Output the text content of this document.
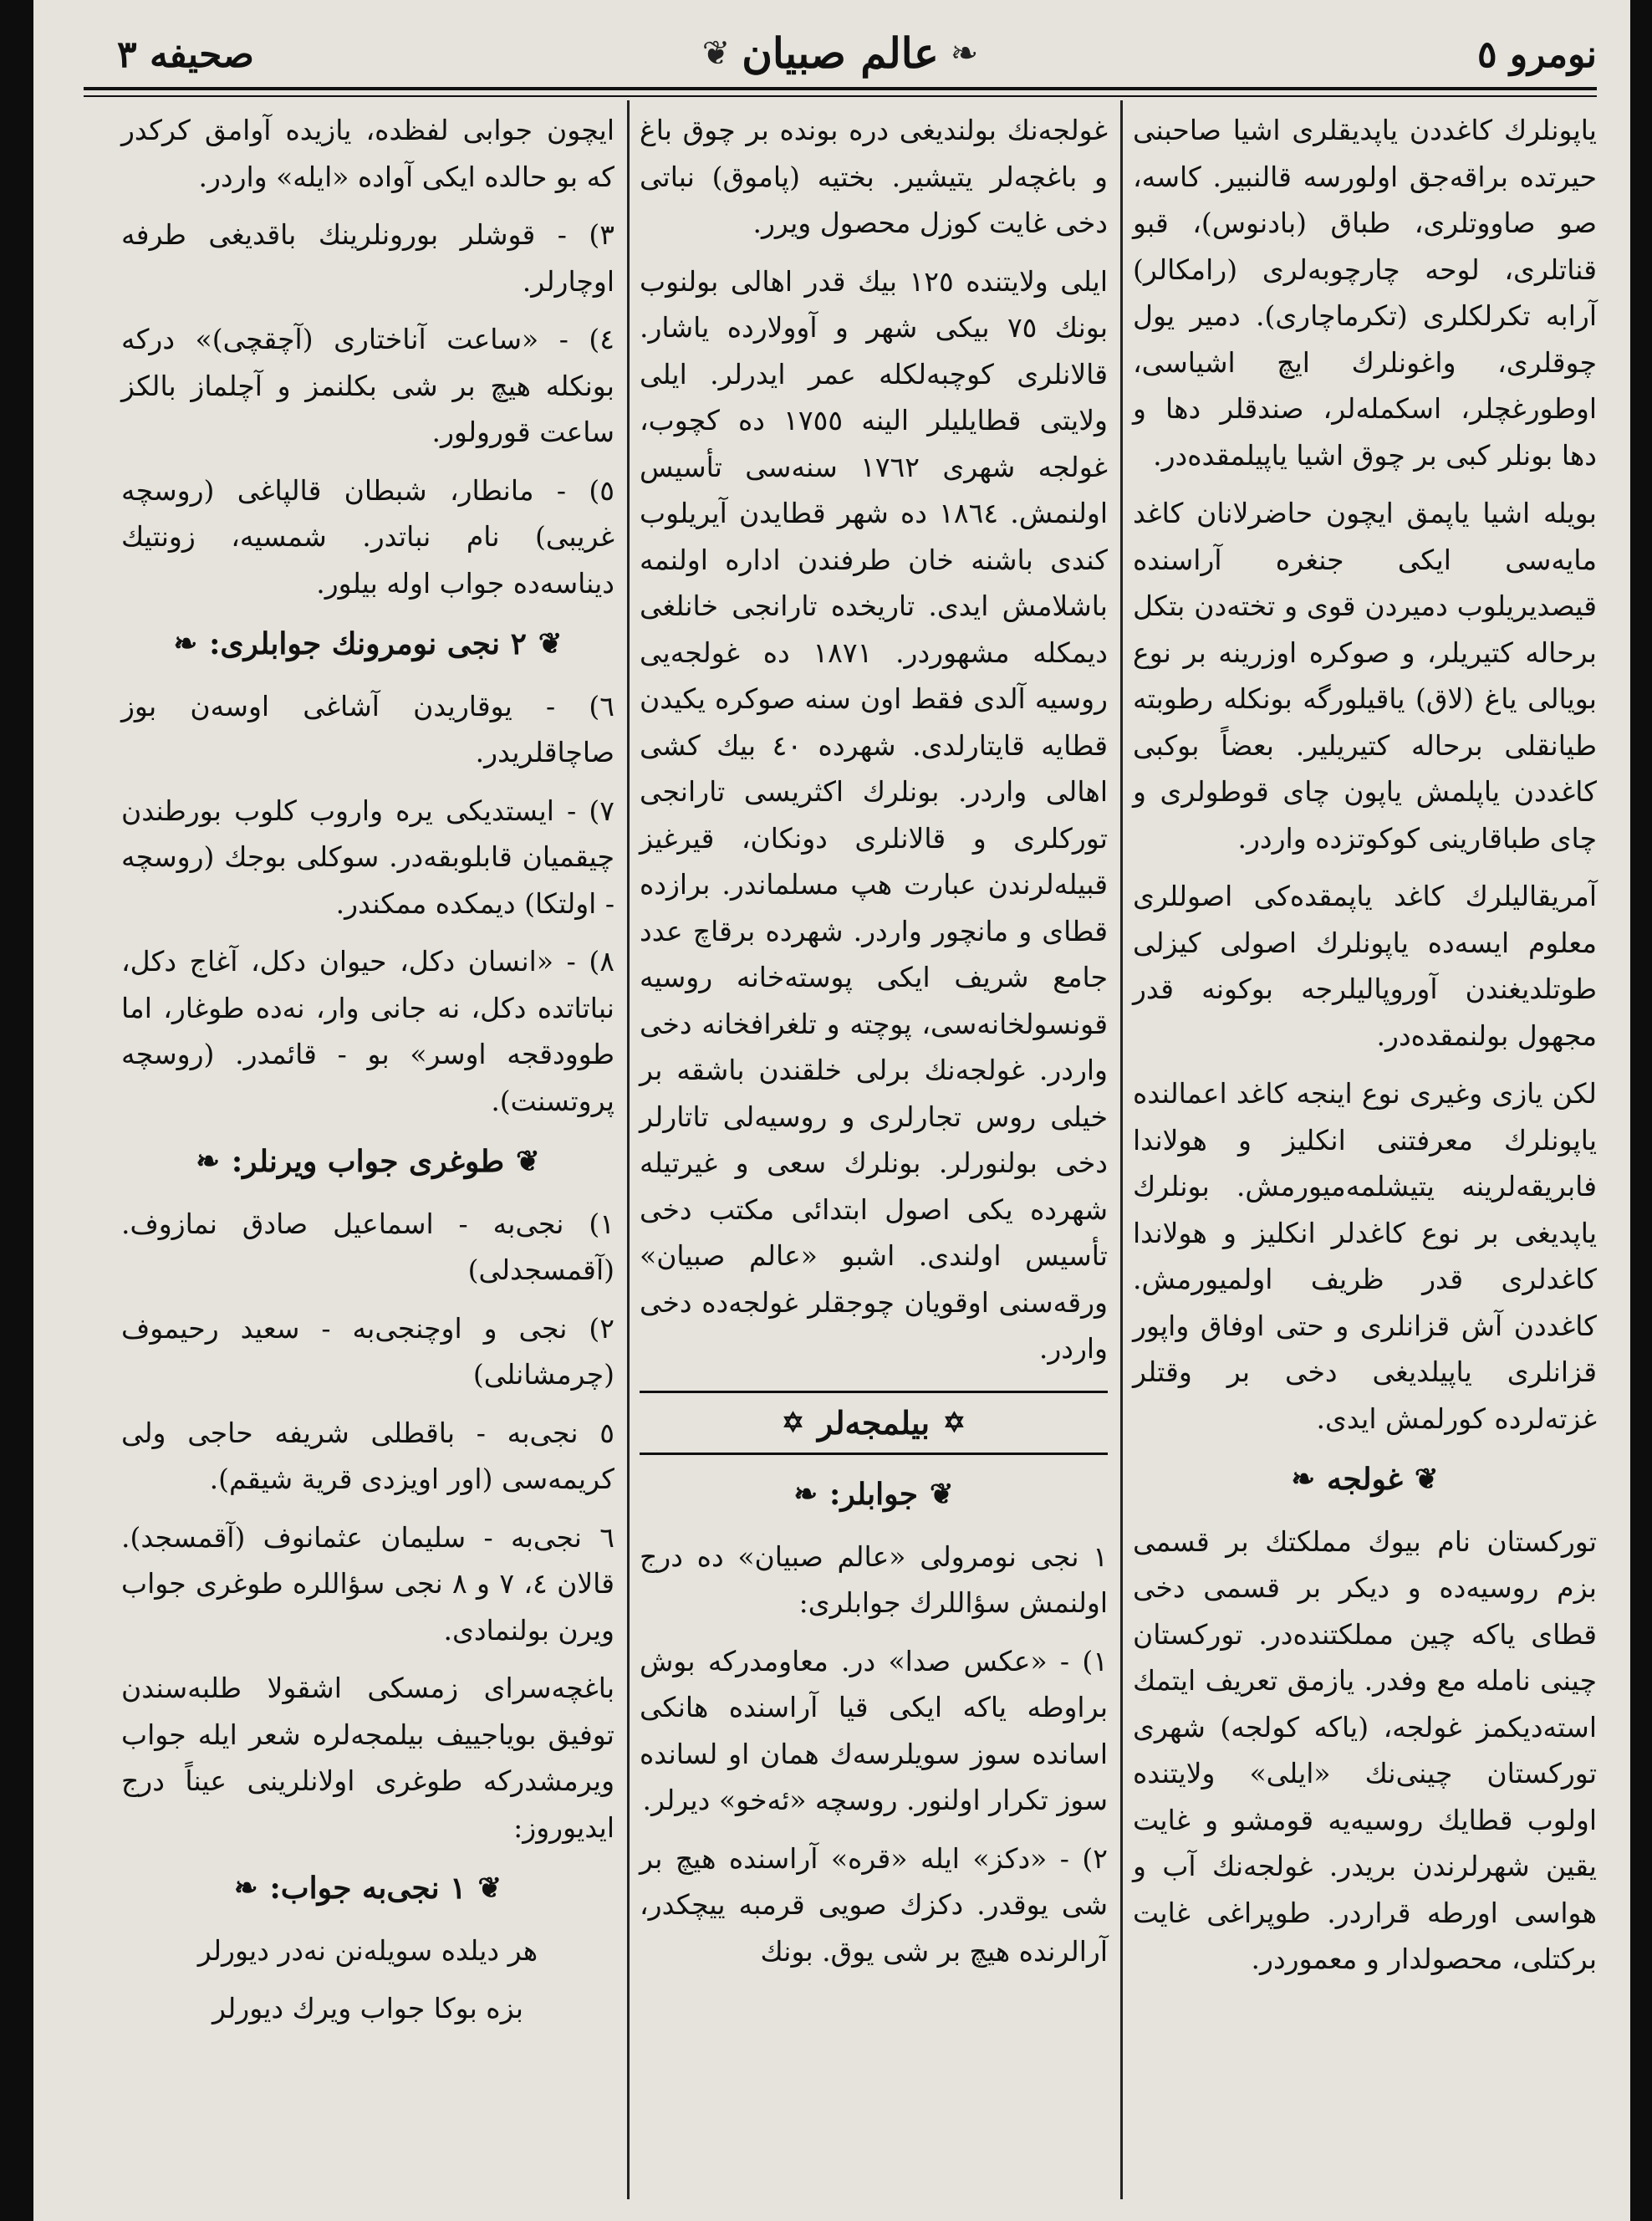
نومرو ٥
❧
عالم صبيان
❦
صحيفه ٣

ياپونلرك كاغددن ياپديقلرى اشيا صاحبنى حيرتده براقه‌جق اولورسه قالنبير. كاسه، صو صاووتلرى، طباق (بادنوس)، قبو قناتلرى، لوحه چارچوبه‌لرى (رامكالر) آرابه تكرلكلرى (تكرماچارى). دمير يول چوقلرى، واغونلرك ايچ اشياسى، اوطورغچلر، اسكمله‌لر، صندقلر دها و دها بونلر كبى بر چوق اشيا ياپيلمقده‌در.

بويله اشيا ياپمق ايچون حاضرلانان كاغد مايه‌سى ايكى جنغره آراسنده قيصديريلوب دميردن قوى و تخته‌دن بتكل برحاله كتيريلر، و صوكره اوزرينه بر نوع بويالى ياغ (لاق) ياقيلورگه بونكله رطوبته طيانقلى برحاله كتيريلير. بعضاً بوكبى كاغددن ياپلمش ياپون چاى قوطولرى و چاى طباقارينى كوكوتزده واردر.

آمريقاليلرك كاغد ياپمقده‌كى اصوللرى معلوم ايسه‌ده ياپونلرك اصولى كيزلى طوتلديغندن آوروپاليلرجه بوكونه قدر مجهول بولنمقده‌در.

لكن يازى وغيرى نوع اينجه كاغد اعمالنده ياپونلرك معرفتنى انكليز و هولاندا فابريقه‌لرينه يتيشلمه‌ميورمش. بونلرك ياپديغى بر نوع كاغدلر انكليز و هولاندا كاغدلرى قدر ظريف اولميورمش. كاغددن آش قزانلرى و حتى اوفاق واپور قزانلرى ياپيلديغى دخى بر وقتلر غزته‌لرده كورلمش ايدى.

❦
غولجه
❧

توركستان نام بيوك مملكتك بر قسمى بزم روسيه‌ده و ديكر بر قسمى دخى قطاى ياكه چين مملكتنده‌در. توركستان چينى نامله مع وفدر. يازمق تعريف ايتمك استه‌ديكمز غولجه، (ياكه كولجه) شهرى توركستان چينى‌نك «ايلى» ولايتنده اولوب قطايك روسيه‌يه قومشو و غايت يقين شهرلرندن بريدر. غولجه‌نك آب و هواسى اورطه قراردر. طوپراغى غايت بركتلى، محصولدار و معموردر.

غولجه‌نك بولنديغى دره بونده بر چوق باغ و باغچه‌لر يتيشير. بختيه (پاموق) نباتى دخى غايت كوزل محصول ويرر.

ايلى ولايتنده ١٢٥ بيك قدر اهالى بولنوب بونك ٧٥ بيكى شهر و آوولارده ياشار. قالانلرى كوچبه‌لكله عمر ايدرلر. ايلى ولايتى قطايليلر الينه ١٧٥٥ ده كچوب، غولجه شهرى ١٧٦٢ سنه‌سى تأسيس اولنمش. ١٨٦٤ ده شهر قطايدن آيريلوب كندى باشنه خان طرفندن اداره اولنمه باشلامش ايدى. تاريخده تارانجى خانلغى ديمكله مشهوردر. ١٨٧١ ده غولجه‌يى روسيه آلدى فقط اون سنه صوكره يكيدن قطايه قايتارلدى. شهرده ٤٠ بيك كشى اهالى واردر. بونلرك اكثريسى تارانجى توركلرى و قالانلرى دونكان، قيرغيز قبيله‌لرندن عبارت هپ مسلماندر. برازده قطاى و مانچور واردر. شهرده برقاچ عدد جامع شريف ايكى پوسته‌خانه روسيه قونسولخانه‌سى، پوچته و تلغرافخانه دخى واردر. غولجه‌نك برلى خلقندن باشقه بر خيلى روس تجارلرى و روسيه‌لى تاتارلر دخى بولنورلر. بونلرك سعى و غيرتيله شهرده يكى اصول ابتدائى مكتب دخى تأسيس اولندى. اشبو «عالم صبيان» ورقه‌سنى اوقويان چوجقلر غولجه‌ده دخى واردر.

✡
بيلمجه‌لر
✡
❦
جوابلر:
❧

١ نجى نومرولى «عالم صبيان» ده درج اولنمش سؤاللرك جوابلرى:

١) - «عكس صدا» در. معاومدركه بوش براوطه ياكه ايكى قيا آراسنده هانكى اسانده سوز سويلرسه‌ك همان او لسانده سوز تكرار اولنور. روسچه «ئەخو» ديرلر.

٢) - «دكز» ايله «قره» آراسنده هيچ بر شى يوقدر. دكزك صويى قرمبه ييچكدر، آرالرنده هيچ بر شى يوق. بونك

ايچون جوابى لفظده، يازيده آوامق كركدر كه بو حالده ايكى آواده «ايله» واردر.

٣) - قوشلر بورونلرينك باقديغى طرفه اوچارلر.

٤) - «ساعت آناختارى (آچقچى)» دركه بونكله هيچ بر شى بكلنمز و آچلماز بالكز ساعت قورولور.

٥) - مانطار، شبطان قالپاغى (روسچه غريبى) نام نباتدر. شمسيه، زونتيك ديناسه‌ده جواب اوله بيلور.

❦
٢ نجى نومرونك جوابلرى:
❧

٦) - يوقاريدن آشاغى اوسه‌ن بوز صاچاقلريدر.

٧) - ايستديكى يره واروب كلوب بورطندن چيقميان قابلوبقه‌در. سوكلى بوجك (روسچه - اولتكا) ديمكده ممكندر.

٨) - «انسان دكل، حيوان دكل، آغاج دكل، نباتاتده دكل، نه جانى وار، نه‌ده طوغار، اما طوودقجه اوسر» بو - قائمدر. (روسچه پروتسنت).

❦
طوغرى جواب ويرنلر:
❧

١) نجى‌به - اسماعيل صادق نمازوف. (آقمسجدلى)

٢) نجى و اوچنجى‌به - سعيد رحيموف (چرمشانلى)

٥ نجى‌به - باقطلى شريفه حاجى ولى كريمه‌سى (اور اويزدى قرية شيقم).

٦ نجى‌به - سليمان عثمانوف (آقمسجد). قالان ٤، ٧ و ٨ نجى سؤاللره طوغرى جواب ويرن بولنمادى.

باغچه‌سراى زمسكى اشقولا طلبه‌سندن توفيق بوياجييف بيلمجه‌لره شعر ايله جواب ويرمشدركه طوغرى اولانلرينى عيناً درج ايديوروز:

❦
١ نجى‌به جواب:
❧

هر ديلده سويله‌نن نه‌در ديورلر

بزه بوكا جواب ويرك ديورلر
